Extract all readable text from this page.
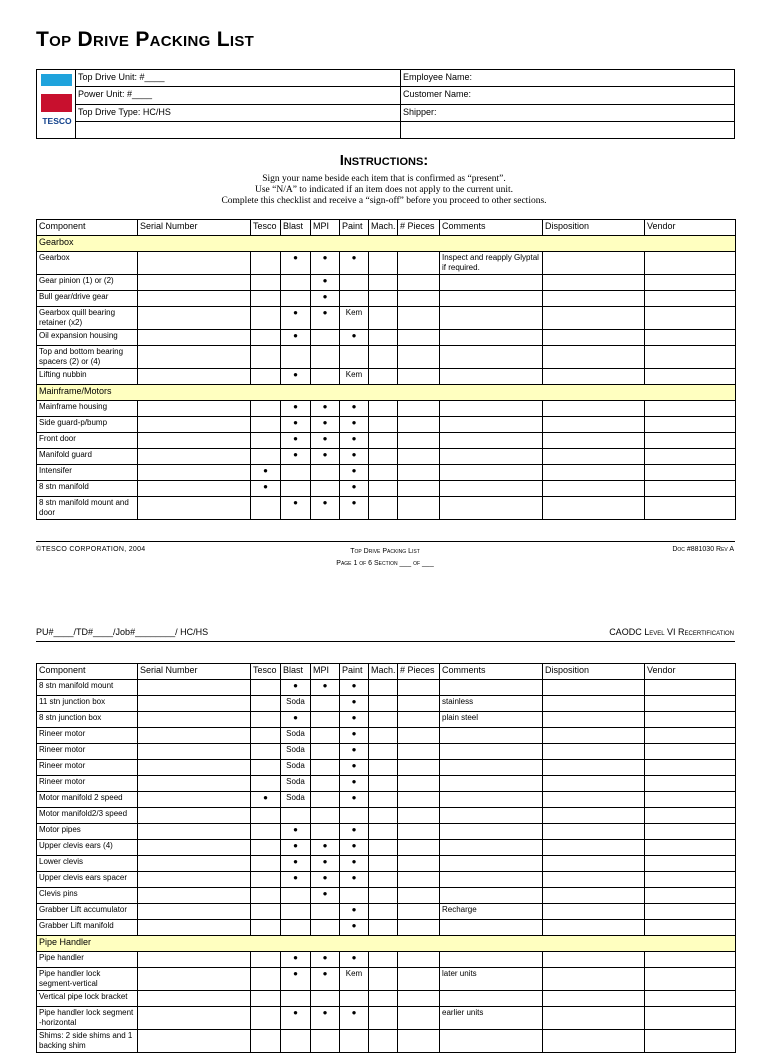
Top Drive Packing List
TESCO	Top Drive Unit: #____	Employee Name:
	Power Unit: #____	Customer Name:
	Top Drive Type: HC/HS	Shipper:

Instructions:
Sign your name beside each item that is confirmed as “present”.
Use “N/A” to indicated if an item does not apply to the current unit.
Complete this checklist and receive a “sign-off” before you proceed to other sections.
Component	Serial Number	Tesco	Blast	MPI	Paint	Mach.	# Pieces	Comments	Disposition	Vendor
Gearbox										
Gearbox			●	●	●			Inspect and reapply Glyptal if required.		
Gear pinion (1) or (2)				●						
Bull gear/drive gear				●						
Gearbox quill bearing retainer (x2)			●	●	Kem					
Oil expansion housing			●		●					
Top and bottom bearing spacers (2) or (4)										
Lifting nubbin			●		Kem					
Mainframe/Motors										
Mainframe housing			●	●	●					
Side guard-p/bump			●	●	●					
Front door			●	●	●					
Manifold guard			●	●	●					
Intensifer		●			●					
8 stn manifold		●			●					
8 stn manifold mount and door			●	●	●					
©TESCO CORPORATION, 2004	Top Drive Packing List
Page 1 of 6 Section ___ of ___
Doc #881030 Rev A
PU#____/TD#____/Job#________/ HC/HS	CAODC Level VI Recertification
Component	Serial Number	Tesco	Blast	MPI	Paint	Mach.	# Pieces	Comments	Disposition	Vendor
8 stn manifold mount			●	●	●					
11 stn junction box			Soda		●			stainless		
8 stn junction box			●		●			plain steel		
Rineer motor			Soda		●					
Rineer motor			Soda		●					
Rineer motor			Soda		●					
Rineer motor			Soda		●					
Motor manifold 2 speed		●	Soda		●					
Motor manifold2/3 speed										
Motor pipes			●		●					
Upper clevis ears (4)			●	●	●					
Lower clevis			●	●	●					
Upper clevis ears spacer			●	●	●					
Clevis pins				●						
Grabber Lift accumulator					●			Recharge		
Grabber Lift manifold					●					
Pipe Handler										
Pipe handler			●	●	●					
Pipe handler lock segment-vertical			●	●	Kem			later units		
Vertical pipe lock bracket										
Pipe handler lock segment -horizontal			●	●	●			earlier units		
Shims: 2 side shims and 1 backing shim										
